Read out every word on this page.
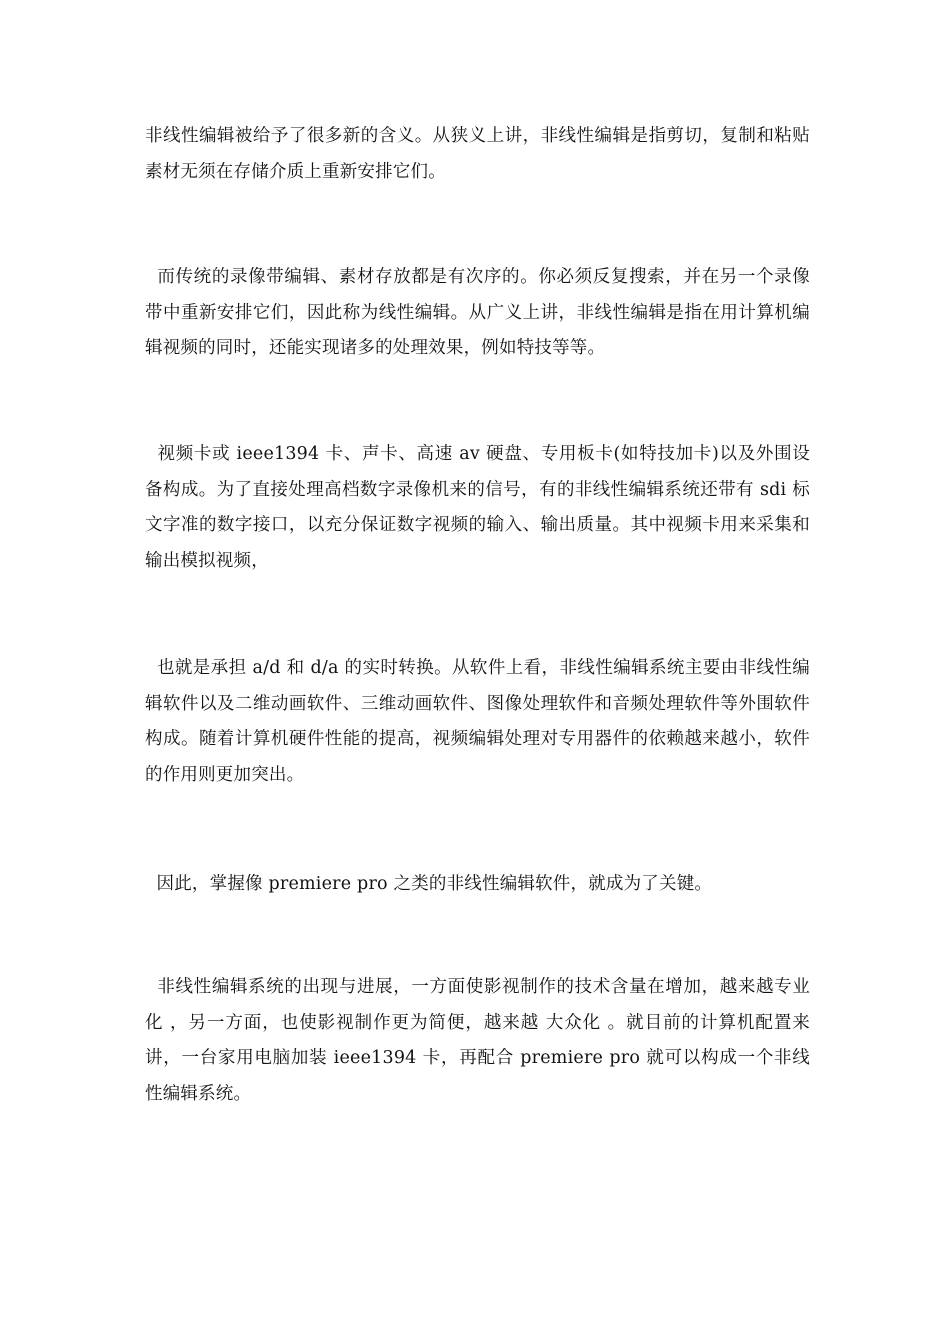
非线性编辑被给予了很多新的含义。从狭义上讲，非线性编辑是指剪切，复制和粘贴素材无须在存储介质上重新安排它们。

而传统的录像带编辑、素材存放都是有次序的。你必须反复搜索，并在另一个录像带中重新安排它们，因此称为线性编辑。从广义上讲，非线性编辑是指在用计算机编辑视频的同时，还能实现诸多的处理效果，例如特技等等。

视频卡或 ieee1394 卡、声卡、高速 av 硬盘、专用板卡(如特技加卡)以及外围设备构成。为了直接处理高档数字录像机来的信号，有的非线性编辑系统还带有 sdi 标文字准的数字接口，以充分保证数字视频的输入、输出质量。其中视频卡用来采集和输出模拟视频，

也就是承担 a/d 和 d/a 的实时转换。从软件上看，非线性编辑系统主要由非线性编辑软件以及二维动画软件、三维动画软件、图像处理软件和音频处理软件等外围软件构成。随着计算机硬件性能的提高，视频编辑处理对专用器件的依赖越来越小，软件的作用则更加突出。

因此，掌握像 premiere pro 之类的非线性编辑软件，就成为了关键。

非线性编辑系统的出现与进展，一方面使影视制作的技术含量在增加，越来越专业化 ，另一方面，也使影视制作更为简便，越来越 大众化 。就目前的计算机配置来讲，一台家用电脑加装 ieee1394 卡，再配合 premiere pro 就可以构成一个非线性编辑系统。
